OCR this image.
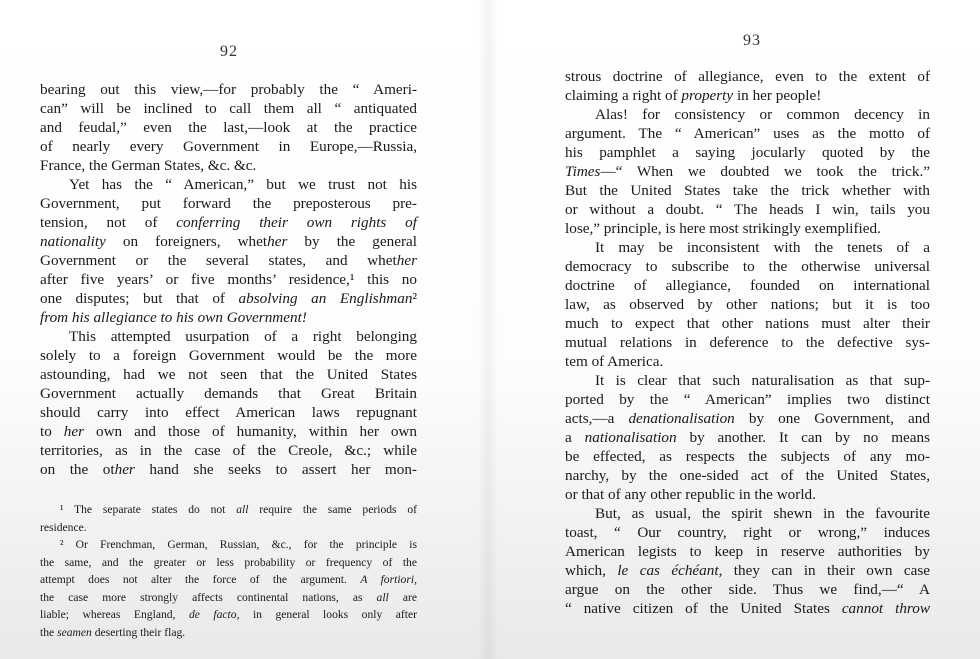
92
bearing out this view,—for probably the “ Ameri-
can” will be inclined to call them all “ antiquated
and feudal,” even the last,—look at the practice
of nearly every Government in Europe,—Russia,
France, the German States, &c. &c.
Yet has the “ American,” but we trust not his
Government, put forward the preposterous pre-
tension, not of conferring their own rights of
nationality on foreigners, whether by the general
Government or the several states, and whether
after five years’ or five months’ residence,¹ this no
one disputes; but that of absolving an Englishman²
from his allegiance to his own Government!
This attempted usurpation of a right belonging
solely to a foreign Government would be the more
astounding, had we not seen that the United States
Government actually demands that Great Britain
should carry into effect American laws repugnant
to her own and those of humanity, within her own
territories, as in the case of the Creole, &c.; while
on the other hand she seeks to assert her mon-
¹ The separate states do not all require the same periods of
residence.
² Or Frenchman, German, Russian, &c., for the principle is
the same, and the greater or less probability or frequency of the
attempt does not alter the force of the argument. A fortiori,
the case more strongly affects continental nations, as all are
liable; whereas England, de facto, in general looks only after
the seamen deserting their flag.
93
strous doctrine of allegiance, even to the extent of
claiming a right of property in her people!
Alas! for consistency or common decency in
argument. The “ American” uses as the motto of
his pamphlet a saying jocularly quoted by the
Times—“ When we doubted we took the trick.”
But the United States take the trick whether with
or without a doubt. “ The heads I win, tails you
lose,” principle, is here most strikingly exemplified.
It may be inconsistent with the tenets of a
democracy to subscribe to the otherwise universal
doctrine of allegiance, founded on international
law, as observed by other nations; but it is too
much to expect that other nations must alter their
mutual relations in deference to the defective sys-
tem of America.
It is clear that such naturalisation as that sup-
ported by the “ American” implies two distinct
acts,—a denationalisation by one Government, and
a nationalisation by another. It can by no means
be effected, as respects the subjects of any mo-
narchy, by the one-sided act of the United States,
or that of any other republic in the world.
But, as usual, the spirit shewn in the favourite
toast, “ Our country, right or wrong,” induces
American legists to keep in reserve authorities by
which, le cas échéant, they can in their own case
argue on the other side. Thus we find,—“ A
“ native citizen of the United States cannot throw
